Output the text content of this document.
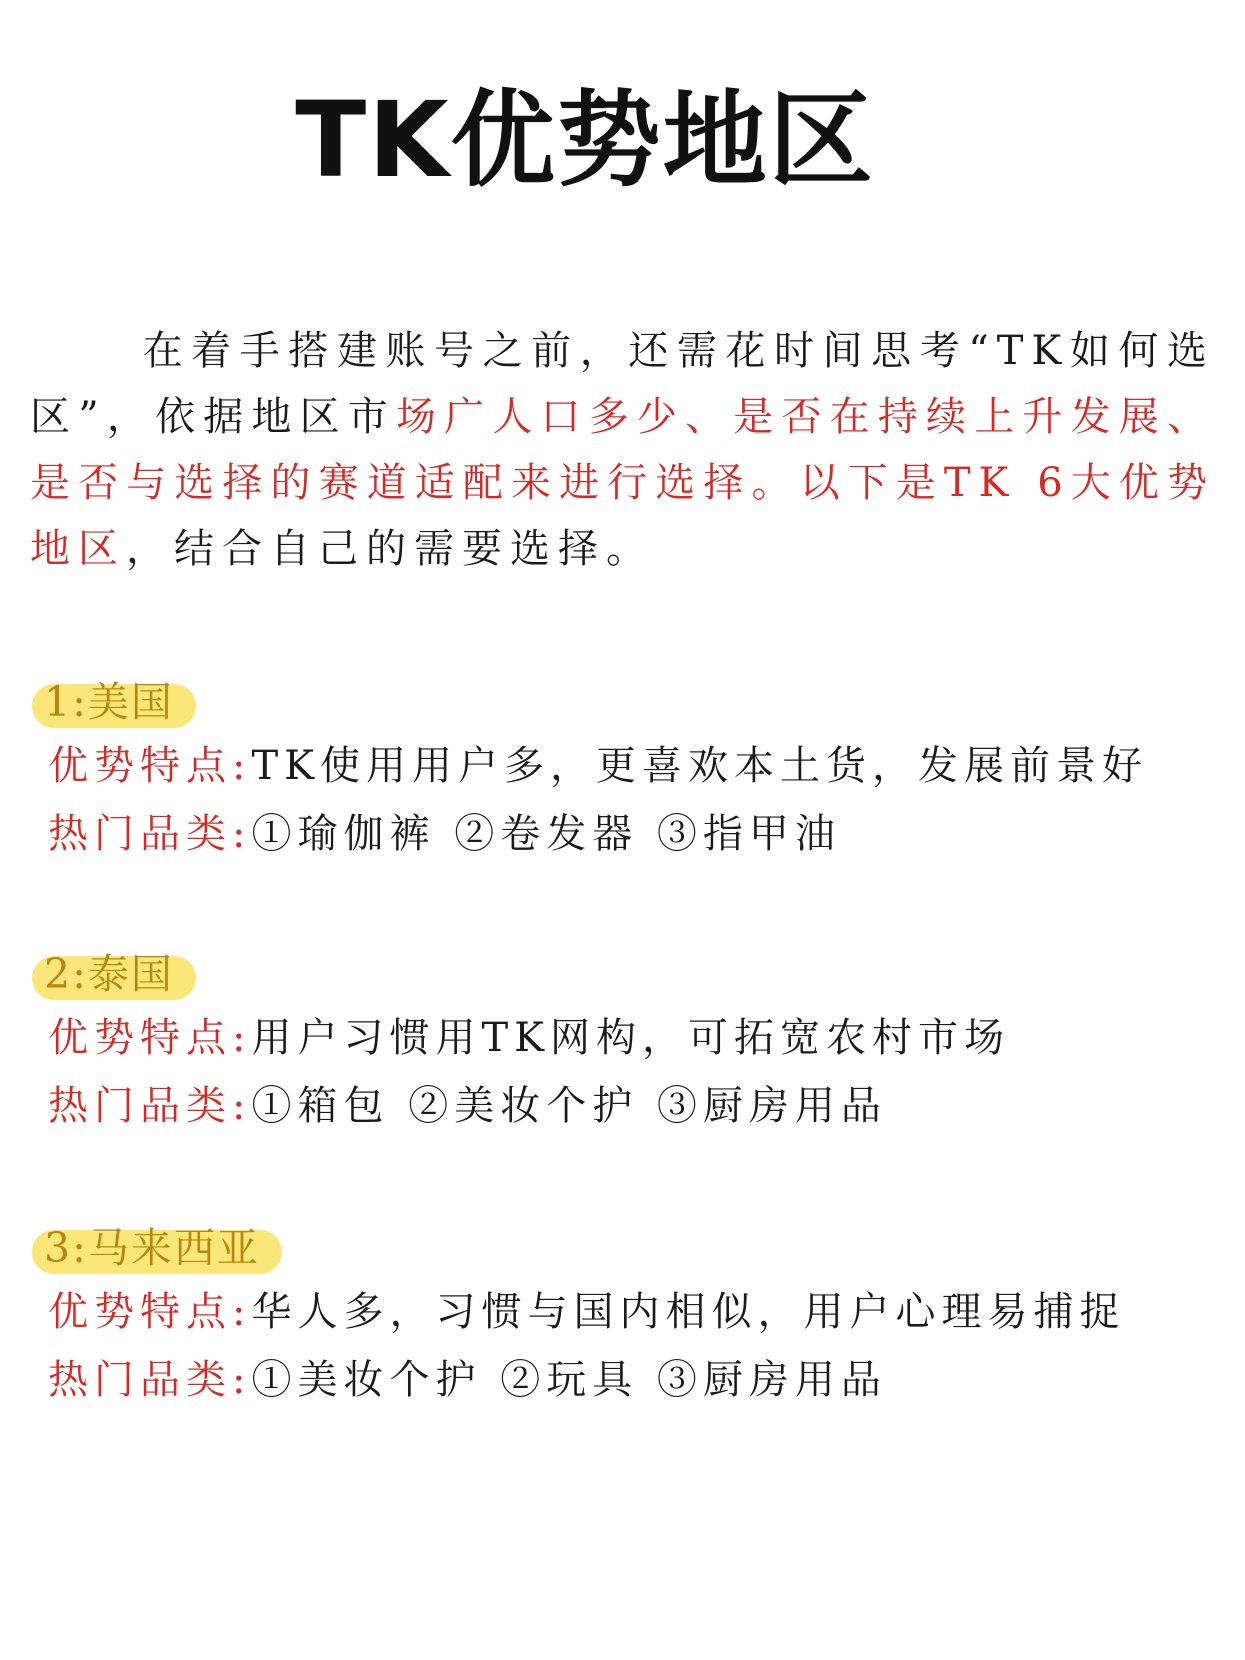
TK优势地区
在着手搭建账号之前，还需花时间思考“TK如何选区”，依据地区市场广人口多少、是否在持续上升发展、是否与选择的赛道适配来进行选择。以下是TK 6大优势地区，结合自己的需要选择。
1:美国
优势特点:TK使用用户多，更喜欢本土货，发展前景好
热门品类:①瑜伽裤 ②卷发器 ③指甲油
2:泰国
优势特点:用户习惯用TK网构，可拓宽农村市场
热门品类:①箱包 ②美妆个护 ③厨房用品
3:马来西亚
优势特点:华人多，习惯与国内相似，用户心理易捕捉
热门品类:①美妆个护 ②玩具 ③厨房用品
